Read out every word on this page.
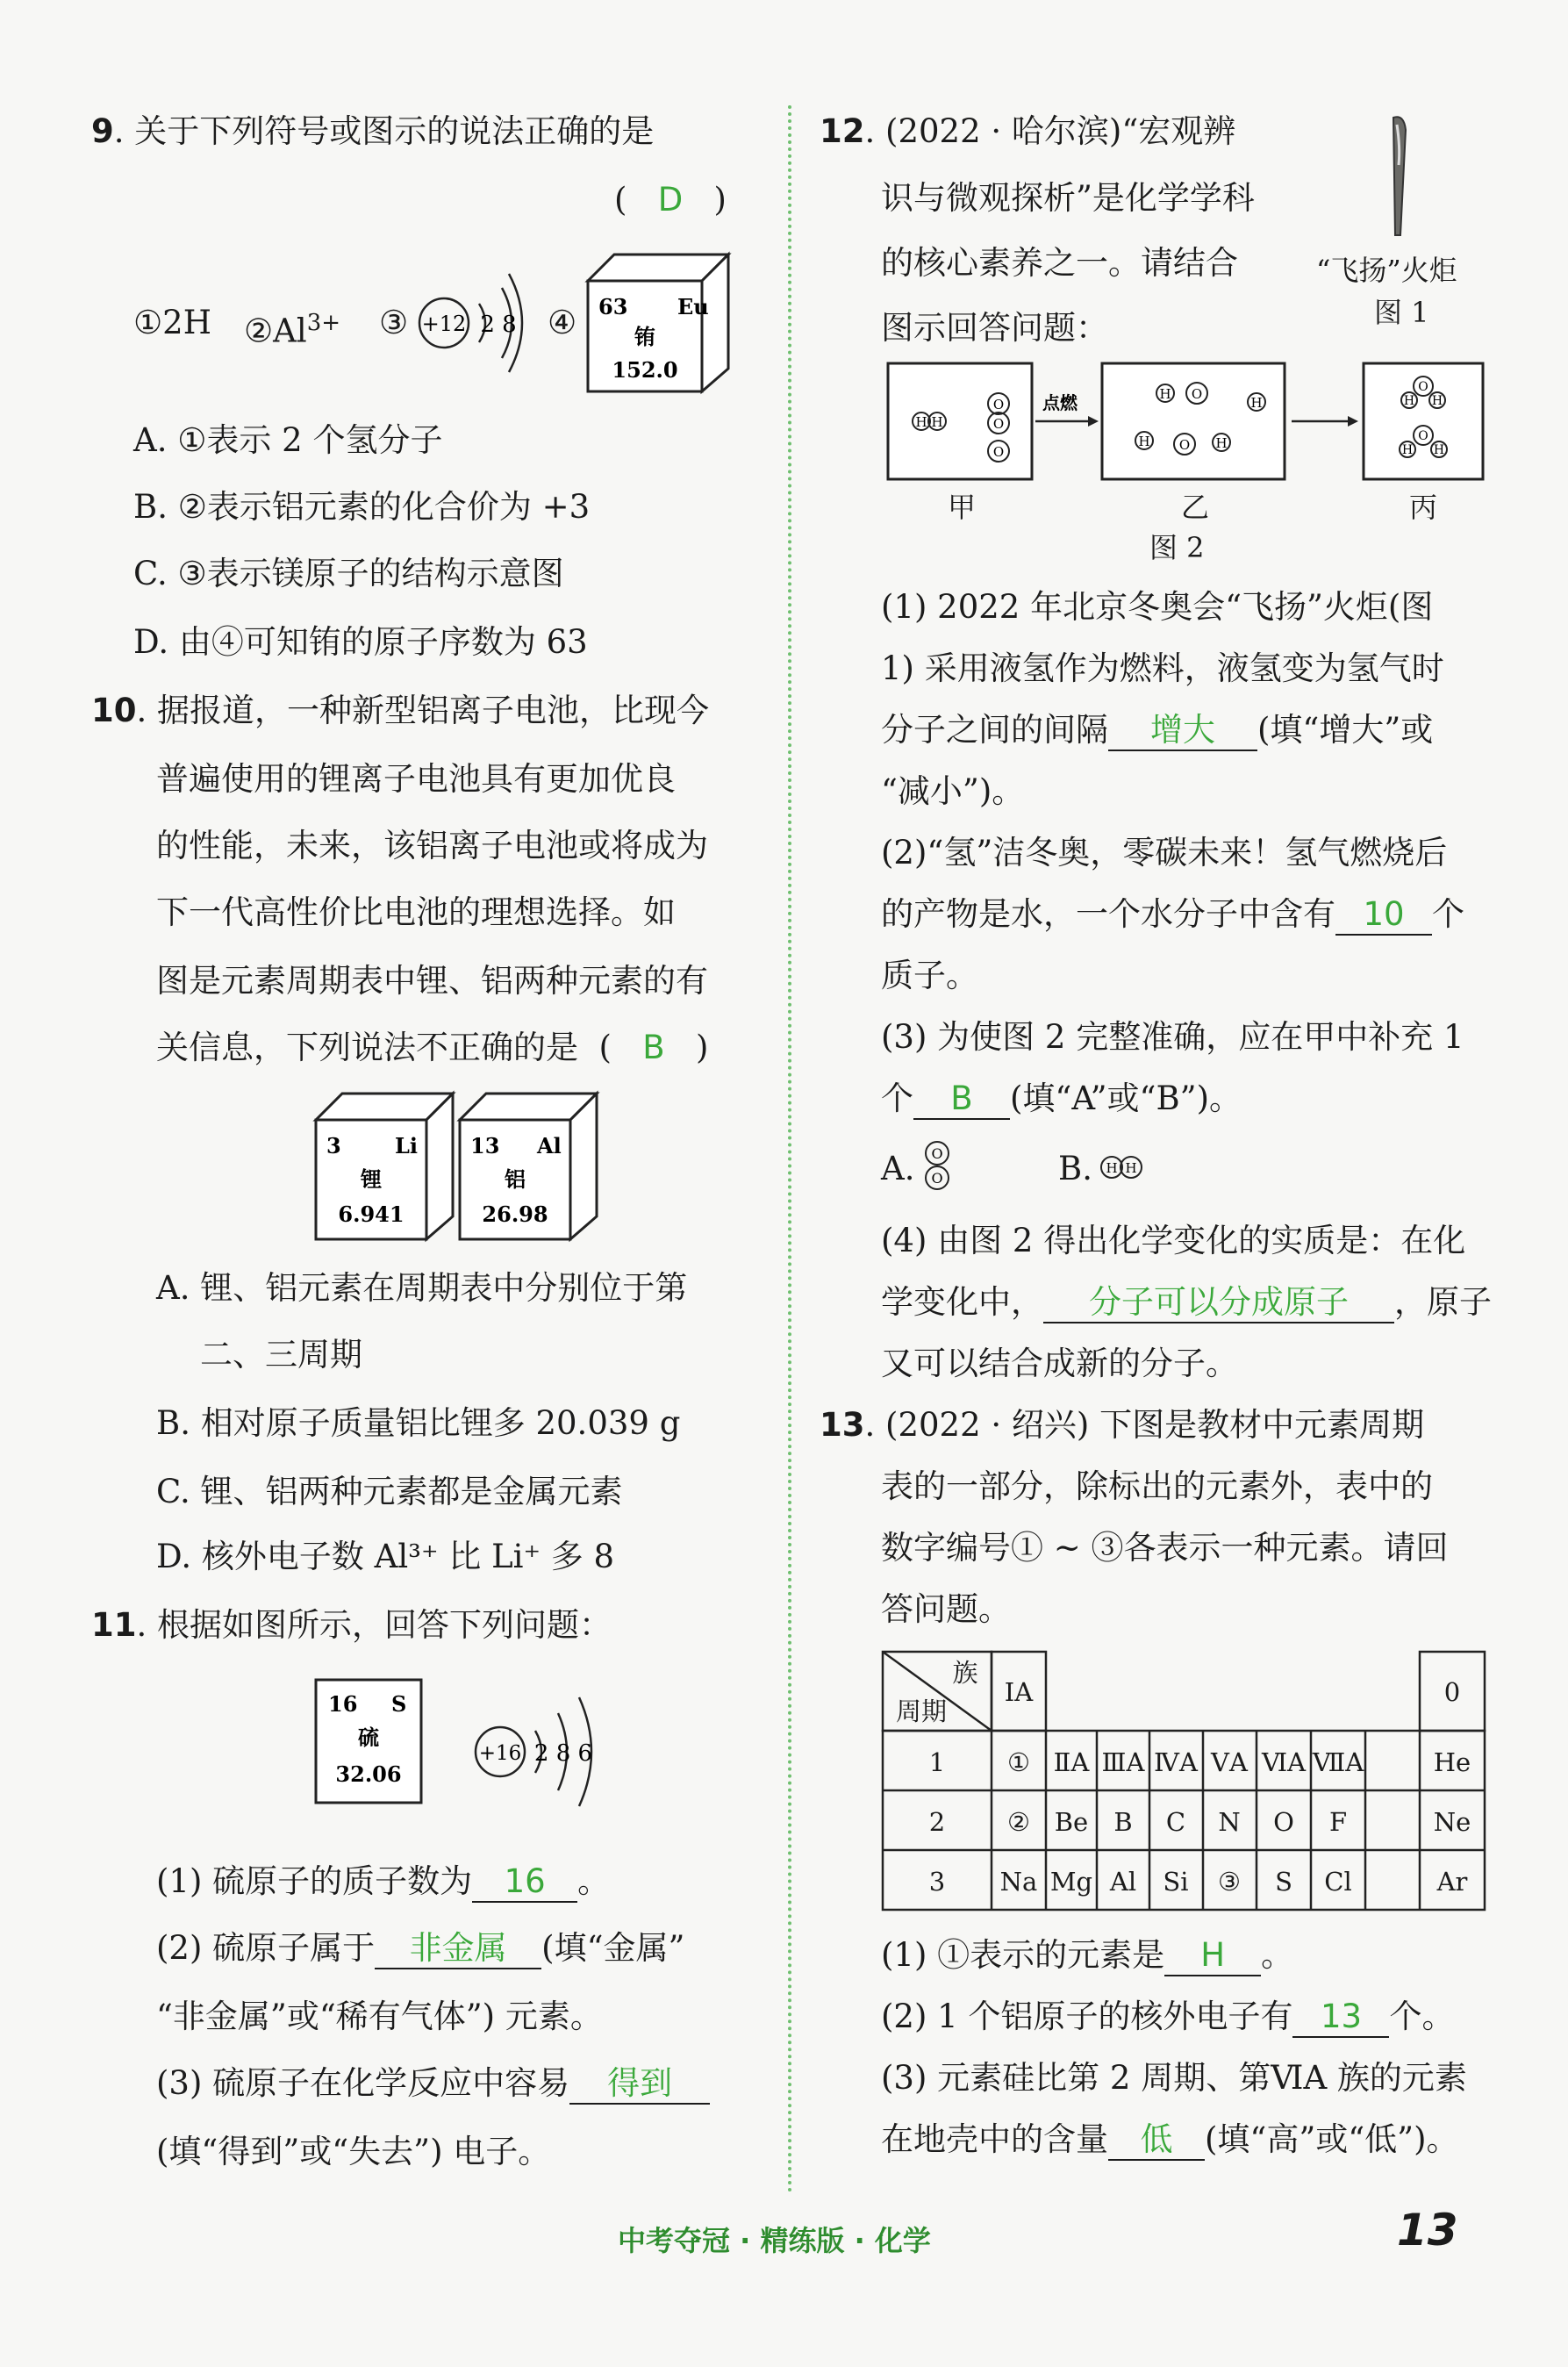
9. 关于下列符号或图示的说法正确的是
( D )
①2H $②Al^{3+}$ ③ +12 2 8 ④ 63 Eu
铕
152.0
A. ①表示 2 个氢分子
B. ②表示铝元素的化合价为 +3
C. ③表示镁原子的结构示意图
D. 由④可知铕的原子序数为 63
10. 据报道，一种新型铝离子电池，比现今
普遍使用的锂离子电池具有更加优良
的性能，未来，该铝离子电池或将成为
下一代高性价比电池的理想选择。如
图是元素周期表中锂、铝两种元素的有
关信息，下列说法不正确的是 ( B )
3	Li
锂
6.941
13 Al
铝
26.98
A. 锂、铝元素在周期表中分别位于第
二、三周期
B. 相对原子质量铝比锂多 20.039 g
C. 锂、铝两种元素都是金属元素
D. 核外电子数 Al³⁺ 比 Li⁺ 多 8
11. 根据如图所示，回答下列问题：
16 S
硫
32.06
+16 2 8 6
(1) 硫原子的质子数为 16 。
(2) 硫原子属于 非金属 (填“金属”
“非金属”或“稀有气体”) 元素。
(3) 硫原子在化学反应中容易 得到
(填“得到”或“失去”) 电子。
12. (2022 · 哈尔滨)“宏观辨
识与微观探析”是化学学科
的核心素养之一。请结合
图示回答问题：
“飞扬”火炬
图 1
H H
O
O
O
点燃	H O
H
H O H
O
H H
O
H H
甲	乙	丙
图 2
(1) 2022 年北京冬奥会“飞扬”火炬(图
1) 采用液氢作为燃料，液氢变为氢气时
分子之间的间隔 增大 (填“增大”或
“减小”)。
(2)“氢”洁冬奥，零碳未来！氢气燃烧后
的产物是水，一个水分子中含有 10 个
质子。
(3) 为使图 2 完整准确，应在甲中补充 1
个 B (填“A”或“B”)。
A. O
O	B. H H
(4) 由图 2 得出化学变化的实质是：在化
学变化中， 分子可以分成原子 ，原子
又可以结合成新的分子。
13. (2022 · 绍兴) 下图是教材中元素周期
表的一部分，除标出的元素外，表中的
数字编号① ~ ③各表示一种元素。请回
答问题。
族
周期
IA	0
1 ① ⅡA ⅢA ⅣA ⅤA ⅥA ⅦA	He
2 ② Be B C N O F	Ne
3 Na Mg Al Si ③ S Cl	Ar
(1) ①表示的元素是 H 。
(2) 1 个铝原子的核外电子有 13 个。
(3) 元素硅比第 2 周期、第ⅥA 族的元素
在地壳中的含量 低 (填“高”或“低”)。
中考夺冠 · 精练版 · 化学	13
